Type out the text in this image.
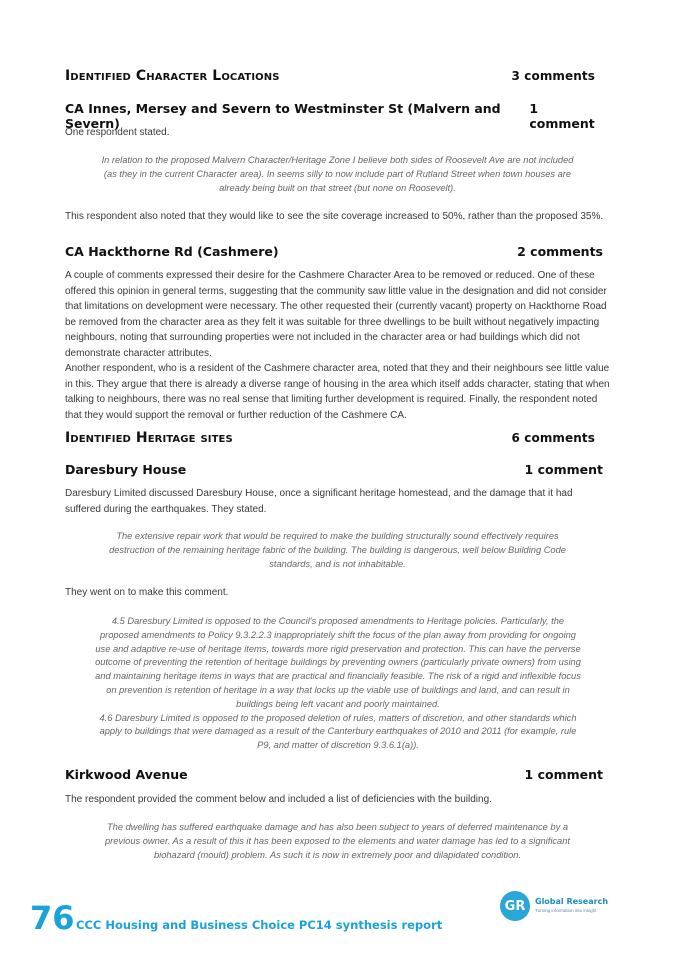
Identified Character Locations	3 comments
CA Innes, Mersey and Severn to Westminster St (Malvern and Severn)
1 comment
One respondent stated.
In relation to the proposed Malvern Character/Heritage Zone I believe both sides of Roosevelt Ave are not included (as they in the current Character area). In seems silly to now include part of Rutland Street when town houses are already being built on that street (but none on Roosevelt).
This respondent also noted that they would like to see the site coverage increased to 50%, rather than the proposed 35%.
CA Hackthorne Rd (Cashmere)	2 comments
A couple of comments expressed their desire for the Cashmere Character Area to be removed or reduced. One of these offered this opinion in general terms, suggesting that the community saw little value in the designation and did not consider that limitations on development were necessary. The other requested their (currently vacant) property on Hackthorne Road be removed from the character area as they felt it was suitable for three dwellings to be built without negatively impacting neighbours, noting that surrounding properties were not included in the character area or had buildings which did not demonstrate character attributes.
Another respondent, who is a resident of the Cashmere character area, noted that they and their neighbours see little value in this. They argue that there is already a diverse range of housing in the area which itself adds character, stating that when talking to neighbours, there was no real sense that limiting further development is required. Finally, the respondent noted that they would support the removal or further reduction of the Cashmere CA.
Identified Heritage sites	6 comments
Daresbury House	1 comment
Daresbury Limited discussed Daresbury House, once a significant heritage homestead, and the damage that it had suffered during the earthquakes. They stated.
The extensive repair work that would be required to make the building structurally sound effectively requires destruction of the remaining heritage fabric of the building. The building is dangerous, well below Building Code standards, and is not inhabitable.
They went on to make this comment.
4.5 Daresbury Limited is opposed to the Council's proposed amendments to Heritage policies. Particularly, the proposed amendments to Policy 9.3.2.2.3 inappropriately shift the focus of the plan away from providing for ongoing use and adaptive re-use of heritage items, towards more rigid preservation and protection. This can have the perverse outcome of preventing the retention of heritage buildings by preventing owners (particularly private owners) from using and maintaining heritage items in ways that are practical and financially feasible. The risk of a rigid and inflexible focus on prevention is retention of heritage in a way that locks up the viable use of buildings and land, and can result in buildings being left vacant and poorly maintained.
4.6 Daresbury Limited is opposed to the proposed deletion of rules, matters of discretion, and other standards which apply to buildings that were damaged as a result of the Canterbury earthquakes of 2010 and 2011 (for example, rule P9, and matter of discretion 9.3.6.1(a)).
Kirkwood Avenue	1 comment
The respondent provided the comment below and included a list of deficiencies with the building.
The dwelling has suffered earthquake damage and has also been subject to years of deferred maintenance by a previous owner. As a result of this it has been exposed to the elements and water damage has led to a significant biohazard (mould) problem. As such it is now in extremely poor and dilapidated condition.
76 CCC Housing and Business Choice PC14 synthesis report
GR	Global Research
Turning information into insight
